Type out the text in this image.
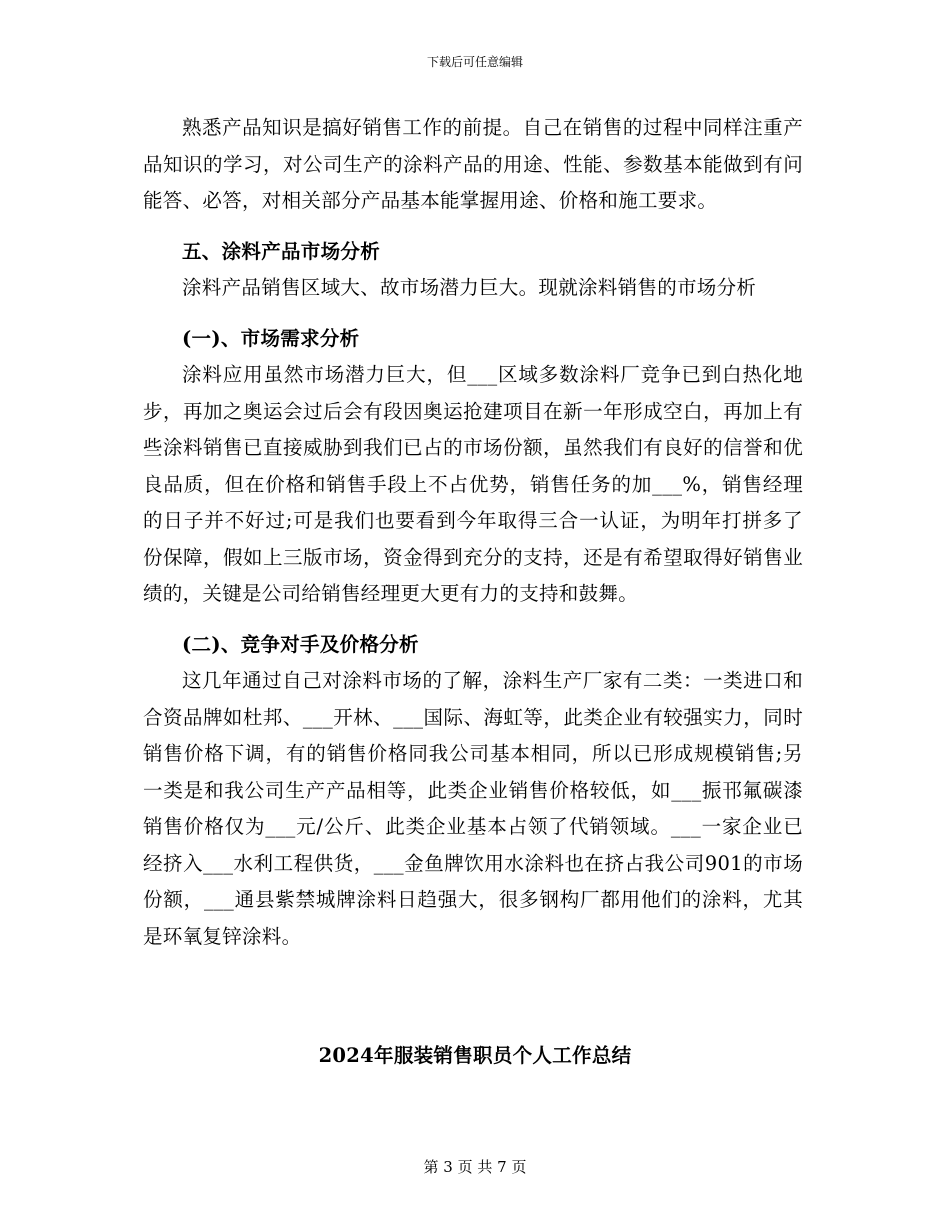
下载后可任意编辑

熟悉产品知识是搞好销售工作的前提。自己在销售的过程中同样注重产品知识的学习，对公司生产的涂料产品的用途、性能、参数基本能做到有问能答、必答，对相关部分产品基本能掌握用途、价格和施工要求。

五、涂料产品市场分析

涂料产品销售区域大、故市场潜力巨大。现就涂料销售的市场分析

(一)、市场需求分析

涂料应用虽然市场潜力巨大，但___区域多数涂料厂竞争已到白热化地步，再加之奥运会过后会有段因奥运抢建项目在新一年形成空白，再加上有些涂料销售已直接威胁到我们已占的市场份额，虽然我们有良好的信誉和优良品质，但在价格和销售手段上不占优势，销售任务的加___%，销售经理的日子并不好过;可是我们也要看到今年取得三合一认证，为明年打拼多了份保障，假如上三版市场，资金得到充分的支持，还是有希望取得好销售业绩的，关键是公司给销售经理更大更有力的支持和鼓舞。

(二)、竞争对手及价格分析

这几年通过自己对涂料市场的了解，涂料生产厂家有二类：一类进口和合资品牌如杜邦、___开林、___国际、海虹等，此类企业有较强实力，同时销售价格下调，有的销售价格同我公司基本相同，所以已形成规模销售;另一类是和我公司生产产品相等，此类企业销售价格较低，如___振邗氟碳漆销售价格仅为___元/公斤、此类企业基本占领了代销领域。___一家企业已经挤入___水利工程供货，___金鱼牌饮用水涂料也在挤占我公司901的市场份额，___通县紫禁城牌涂料日趋强大，很多钢构厂都用他们的涂料，尤其是环氧复锌涂料。

2024年服装销售职员个人工作总结
第 3 页 共 7 页
